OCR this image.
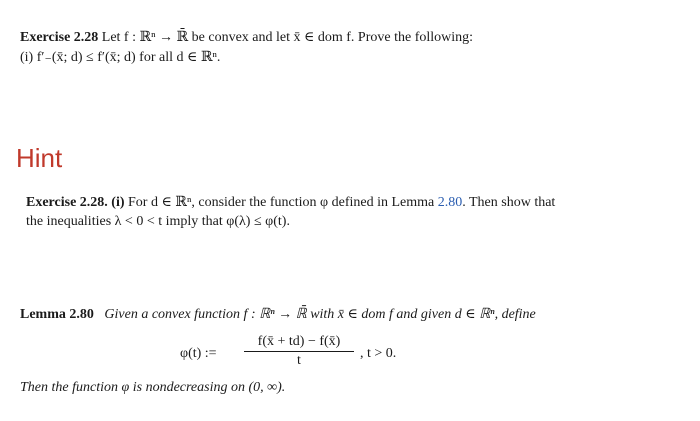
Exercise 2.28 Let f : ℝⁿ → ℝ̄ be convex and let x̄ ∈ dom f. Prove the following:
(i) f′₋(x̄; d) ≤ f′(x̄; d) for all d ∈ ℝⁿ.
Hint
Exercise 2.28. (i) For d ∈ ℝⁿ, consider the function φ defined in Lemma 2.80. Then show that
the inequalities λ < 0 < t imply that φ(λ) ≤ φ(t).
Lemma 2.80 Given a convex function f : ℝⁿ → ℝ̄ with x̄ ∈ dom f and given d ∈ ℝⁿ, define
φ(t) := $\frac{f(x̄ + td) - f(x̄)}{t}$ , t > 0.
Then the function φ is nondecreasing on (0, ∞).
